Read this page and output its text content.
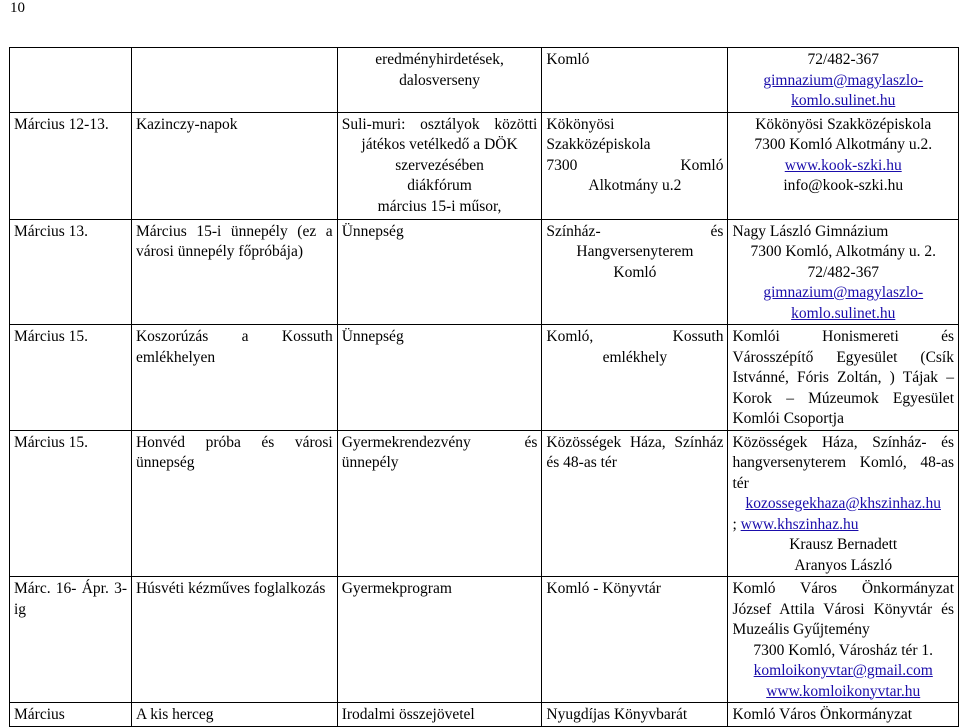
10

		eredményhirdetések,
dalosverseny	Komló	72/482-367
gimnazium@magylaszlo-
komlo.sulinet.hu

Március 12-13.	Kazinczy-napok	Suli-muri: osztályok közötti
játékos vetélkedő a DÖK
szervezésében
diákfórum
március 15-i műsor,	Kökönyösi
Szakközépiskola
7300 Komló
Alkotmány u.2	Kökönyösi Szakközépiskola
7300 Komló Alkotmány u.2.
www.kook-szki.hu
info@kook-szki.hu

Március 13.	Március 15-i ünnepély (ez a városi ünnepély főpróbája)	Ünnepség	Színház- és
Hangversenyterem
Komló	Nagy László Gimnázium
7300 Komló, Alkotmány u. 2.
72/482-367
gimnazium@magylaszlo-
komlo.sulinet.hu

Március 15.	Koszorúzás a Kossuth emlékhelyen	Ünnepség	Komló, Kossuth
emlékhely	Komlói Honismereti és Városszépítő Egyesület (Csík Istvánné, Fóris Zoltán, ) Tájak – Korok – Múzeumok Egyesület Komlói Csoportja
Március 15.	Honvéd próba és városi ünnepség	Gyermekrendezvény és ünnepély	Közösségek Háza, Színház és 48-as tér	Közösségek Háza, Színház- és hangversenyterem Komló, 48-as tér
kozossegekhaza@khszinhaz.hu
; www.khszinhaz.hu
Krausz Bernadett
Aranyos László

Márc. 16- Ápr. 3-ig	Húsvéti kézműves foglalkozás	Gyermekprogram	Komló - Könyvtár	Komló Város Önkormányzat József Attila Városi Könyvtár és Muzeális Gyűjtemény
7300 Komló, Városház tér 1.
komloikonyvtar@gmail.com
www.komloikonyvtar.hu

Március	A kis herceg	Irodalmi összejövetel	Nyugdíjas Könyvbarát	Komló Város Önkormányzat
